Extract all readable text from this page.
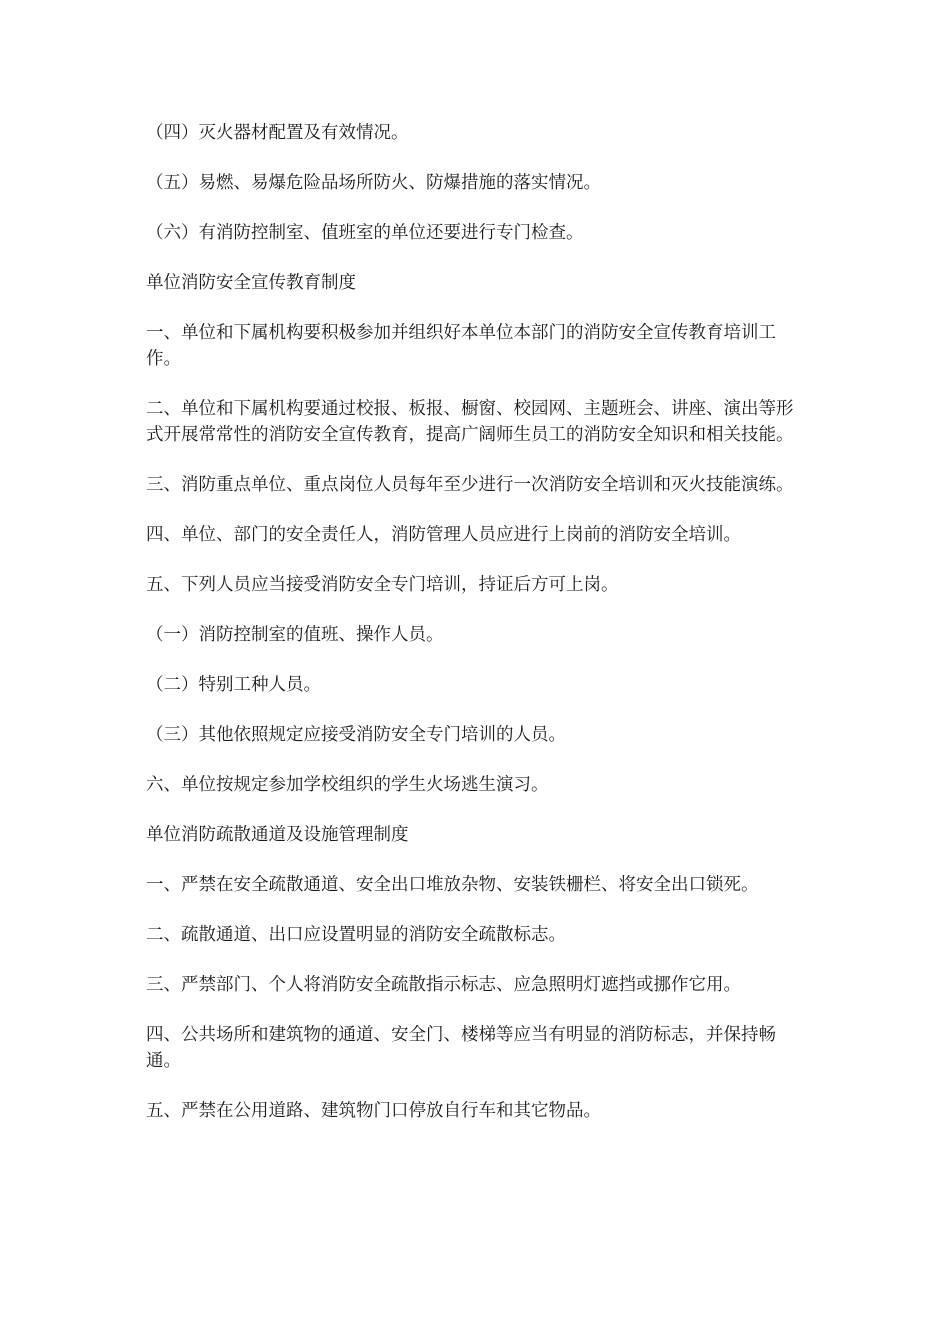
（四）灭火器材配置及有效情况。

（五）易燃、易爆危险品场所防火、防爆措施的落实情况。

（六）有消防控制室、值班室的单位还要进行专门检查。

单位消防安全宣传教育制度

一、单位和下属机构要积极参加并组织好本单位本部门的消防安全宣传教育培训工作。

二、单位和下属机构要通过校报、板报、橱窗、校园网、主题班会、讲座、演出等形式开展常常性的消防安全宣传教育，提高广阔师生员工的消防安全知识和相关技能。

三、消防重点单位、重点岗位人员每年至少进行一次消防安全培训和灭火技能演练。

四、单位、部门的安全责任人，消防管理人员应进行上岗前的消防安全培训。

五、下列人员应当接受消防安全专门培训，持证后方可上岗。

（一）消防控制室的值班、操作人员。

（二）特别工种人员。

（三）其他依照规定应接受消防安全专门培训的人员。

六、单位按规定参加学校组织的学生火场逃生演习。

单位消防疏散通道及设施管理制度

一、严禁在安全疏散通道、安全出口堆放杂物、安装铁栅栏、将安全出口锁死。

二、疏散通道、出口应设置明显的消防安全疏散标志。

三、严禁部门、个人将消防安全疏散指示标志、应急照明灯遮挡或挪作它用。

四、公共场所和建筑物的通道、安全门、楼梯等应当有明显的消防标志，并保持畅通。

五、严禁在公用道路、建筑物门口停放自行车和其它物品。
